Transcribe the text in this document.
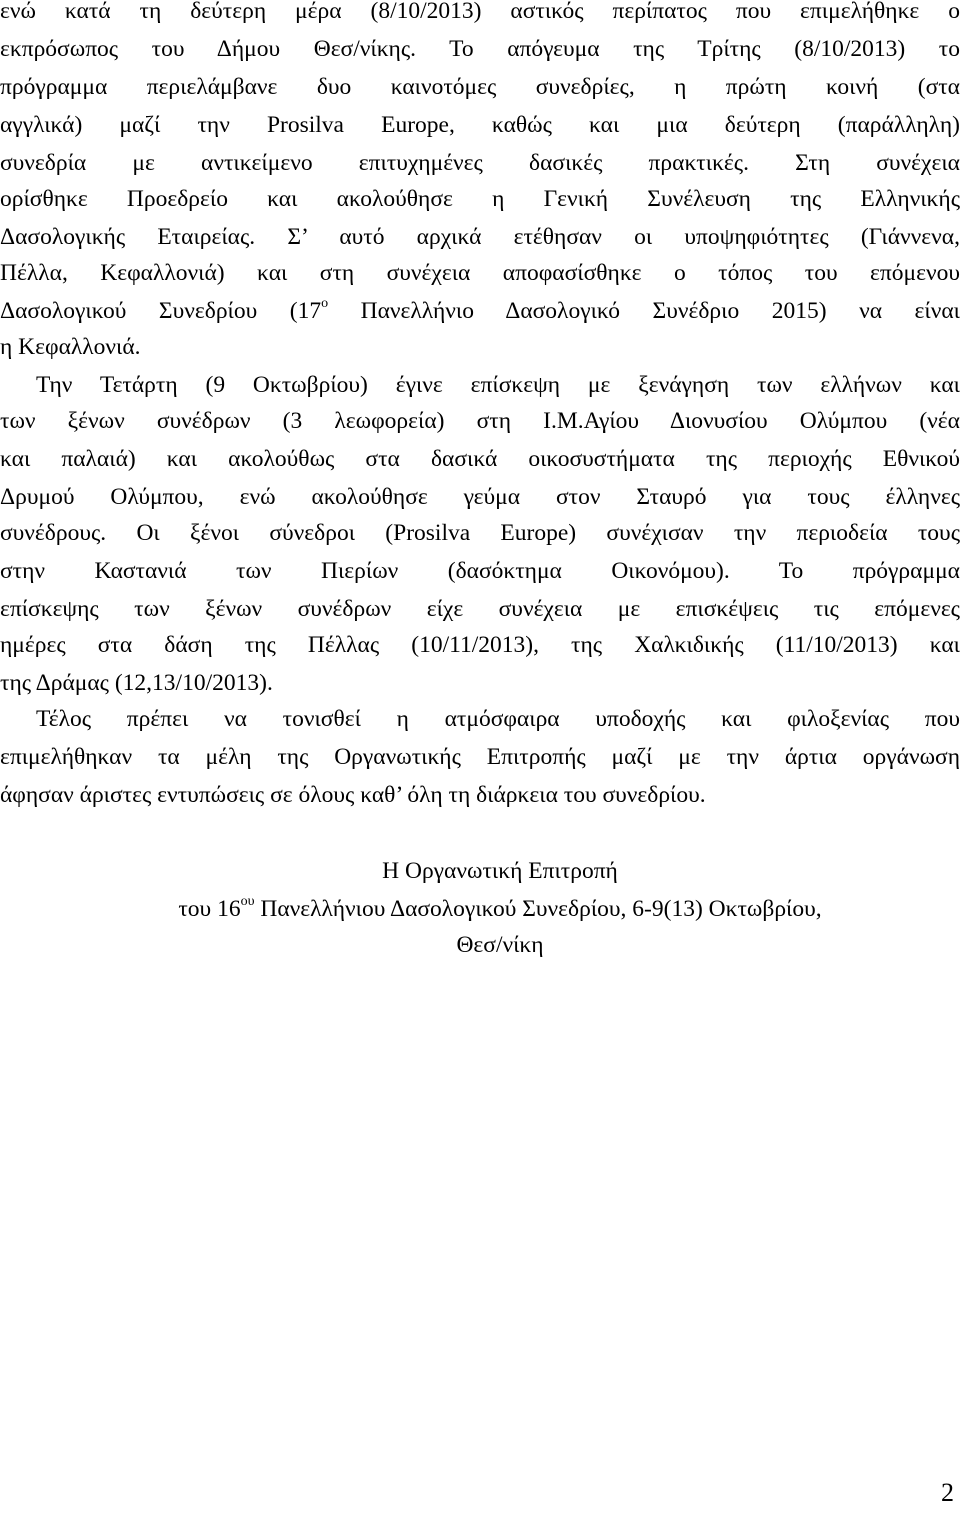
ενώ κατά τη δεύτερη μέρα (8/10/2013) αστικός περίπατος που επιμελήθηκε ο
εκπρόσωπος του Δήμου Θεσ/νίκης. Το απόγευμα της Τρίτης (8/10/2013) το
πρόγραμμα περιελάμβανε δυο καινοτόμες συνεδρίες, η πρώτη κοινή (στα
αγγλικά) μαζί την Prosilva Europe, καθώς και μια δεύτερη (παράλληλη)
συνεδρία με αντικείμενο επιτυχημένες δασικές πρακτικές. Στη συνέχεια
ορίσθηκε Προεδρείο και ακολούθησε η Γενική Συνέλευση της Ελληνικής
Δασολογικής Εταιρείας. Σ’ αυτό αρχικά ετέθησαν οι υποψηφιότητες (Γιάννενα,
Πέλλα, Κεφαλλονιά) και στη συνέχεια αποφασίσθηκε ο τόπος του επόμενου
Δασολογικού Συνεδρίου ($17^o$ Πανελλήνιο Δασολογικό Συνέδριο 2015) να είναι
η Κεφαλλονιά.
Την Τετάρτη (9 Οκτωβρίου) έγινε επίσκεψη με ξενάγηση των ελλήνων και
των ξένων συνέδρων (3 λεωφορεία) στη Ι.Μ.Αγίου Διονυσίου Ολύμπου (νέα
και παλαιά) και ακολούθως στα δασικά οικοσυστήματα της περιοχής Εθνικού
Δρυμού Ολύμπου, ενώ ακολούθησε γεύμα στον Σταυρό για τους έλληνες
συνέδρους. Οι ξένοι σύνεδροι (Prosilva Europe) συνέχισαν την περιοδεία τους
στην Καστανιά των Πιερίων (δασόκτημα Οικονόμου). Το πρόγραμμα
επίσκεψης των ξένων συνέδρων είχε συνέχεια με επισκέψεις τις επόμενες
ημέρες στα δάση της Πέλλας (10/11/2013), της Χαλκιδικής (11/10/2013) και
της Δράμας (12,13/10/2013).
Τέλος πρέπει να τονισθεί η ατμόσφαιρα υποδοχής και φιλοξενίας που
επιμελήθηκαν τα μέλη της Οργανωτικής Επιτροπής μαζί με την άρτια οργάνωση
άφησαν άριστες εντυπώσεις σε όλους καθ’ όλη τη διάρκεια του συνεδρίου.
Η Οργανωτική Επιτροπή
του $16^{o\upsilon}$ Πανελλήνιου Δασολογικού Συνεδρίου, 6-9(13) Οκτωβρίου,
Θεσ/νίκη
2
